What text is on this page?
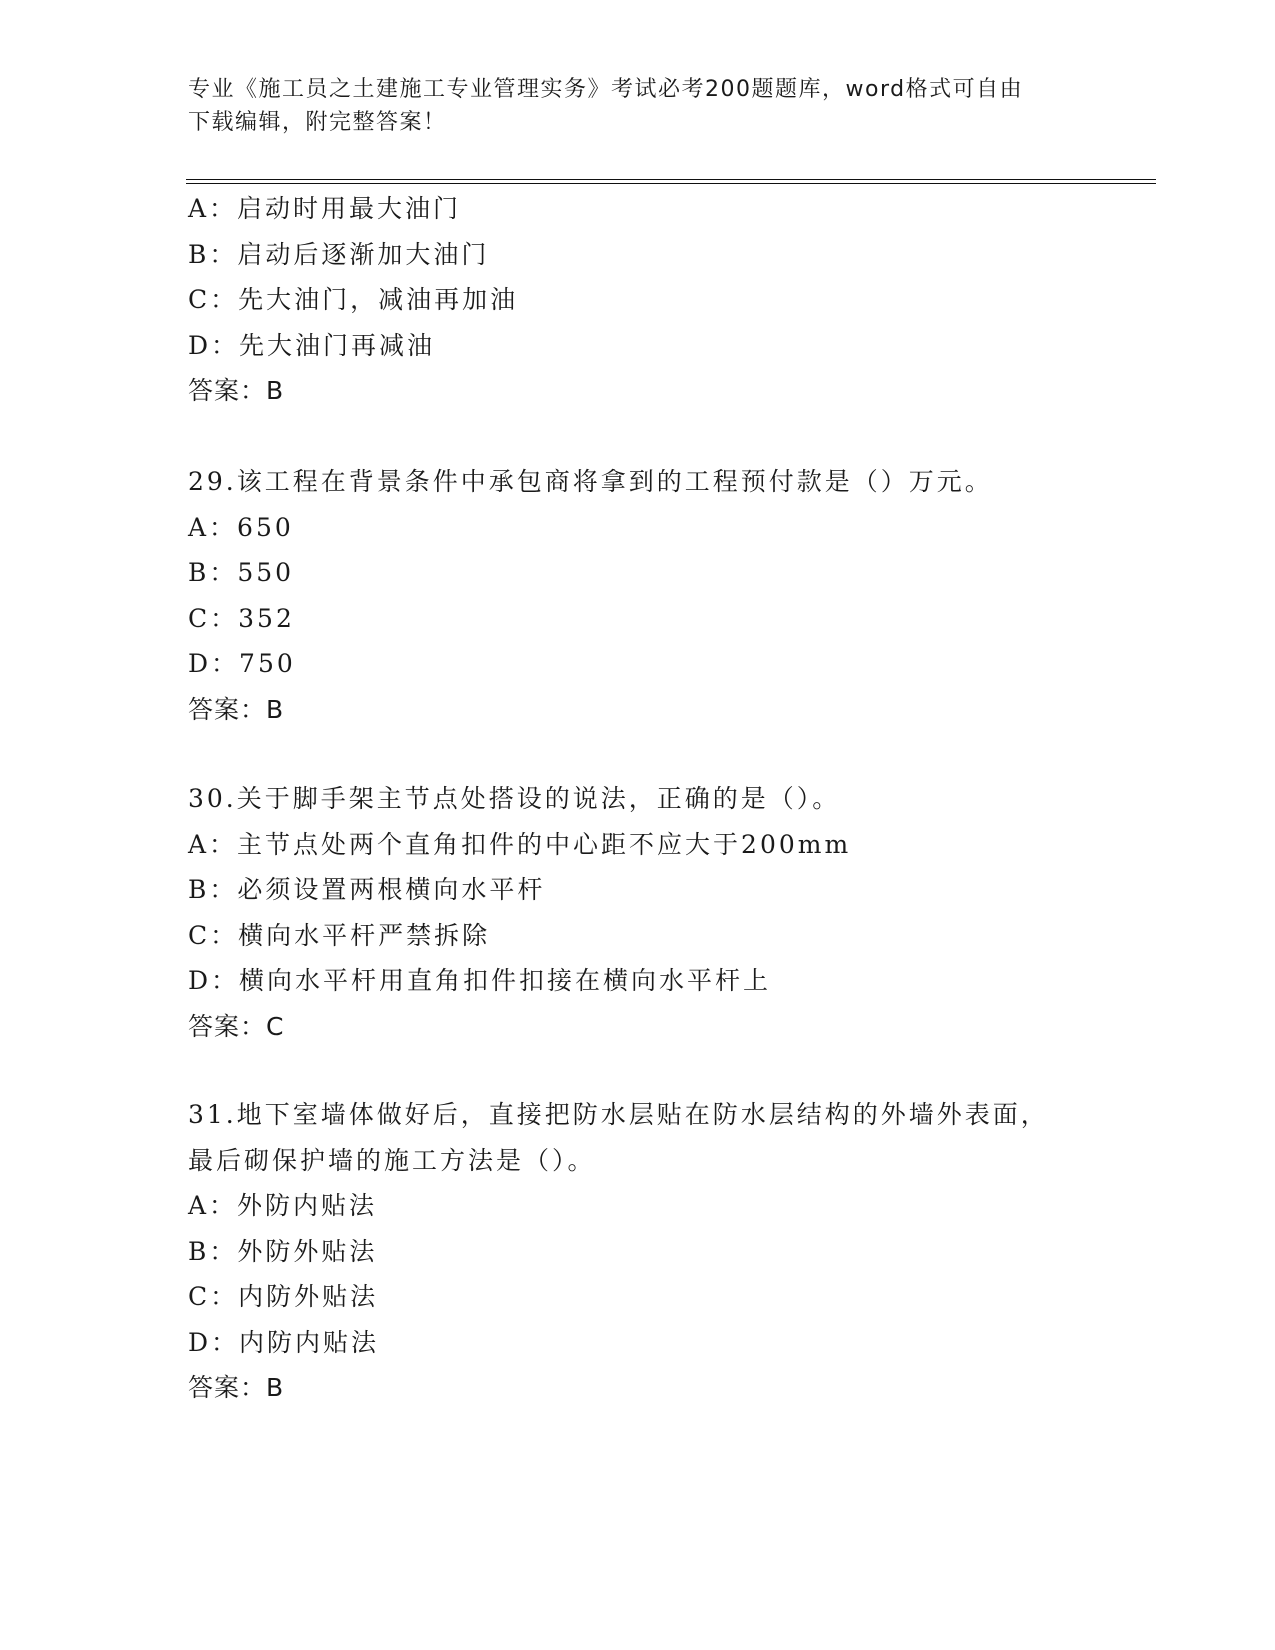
专业《施工员之土建施工专业管理实务》考试必考200题题库，word格式可自由
下载编辑，附完整答案！
A：启动时用最大油门
B：启动后逐渐加大油门
C：先大油门，减油再加油
D：先大油门再减油
答案：B
29.该工程在背景条件中承包商将拿到的工程预付款是（）万元。
A：650
B：550
C：352
D：750
答案：B
30.关于脚手架主节点处搭设的说法，正确的是（）。
A：主节点处两个直角扣件的中心距不应大于200mm
B：必须设置两根横向水平杆
C：横向水平杆严禁拆除
D：横向水平杆用直角扣件扣接在横向水平杆上
答案：C
31.地下室墙体做好后，直接把防水层贴在防水层结构的外墙外表面，
最后砌保护墙的施工方法是（）。
A：外防内贴法
B：外防外贴法
C：内防外贴法
D：内防内贴法
答案：B
